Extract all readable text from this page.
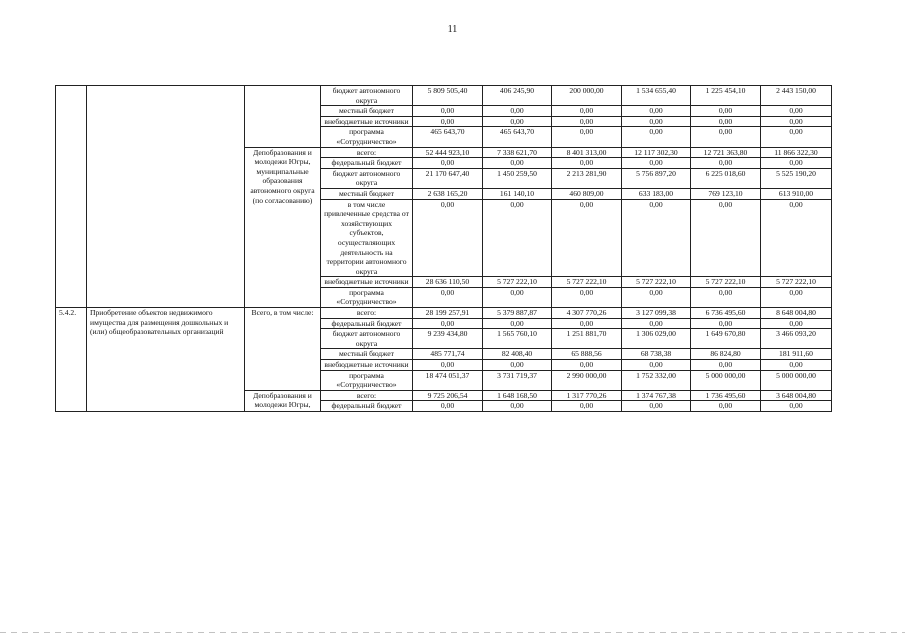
11
			бюджет автономного округа	5 809 505,40	406 245,90	200 000,00	1 534 655,40	1 225 454,10	2 443 150,00
			местный бюджет	0,00	0,00	0,00	0,00	0,00	0,00
			внебюджетные источники	0,00	0,00	0,00	0,00	0,00	0,00
			программа «Сотрудничество»	465 643,70	465 643,70	0,00	0,00	0,00	0,00
		Депобразования и молодежи Югры, муниципальные образования автономного округа (по согласованию)	всего:	52 444 923,10	7 338 621,70	8 401 313,00	12 117 302,30	12 721 363,80	11 866 322,30
			федеральный бюджет	0,00	0,00	0,00	0,00	0,00	0,00
			бюджет автономного округа	21 170 647,40	1 450 259,50	2 213 281,90	5 756 897,20	6 225 018,60	5 525 190,20
			местный бюджет	2 638 165,20	161 140,10	460 809,00	633 183,00	769 123,10	613 910,00
			в том числе привлеченные средства от хозяйствующих субъектов, осуществляющих деятельность на территории автономного округа	0,00	0,00	0,00	0,00	0,00	0,00
			внебюджетные источники	28 636 110,50	5 727 222,10	5 727 222,10	5 727 222,10	5 727 222,10	5 727 222,10
			программа «Сотрудничество»	0,00	0,00	0,00	0,00	0,00	0,00
5.4.2.	Приобретение объектов недвижимого имущества для размещения дошкольных и (или) общеобразовательных организаций	Всего, в том числе:	всего:	28 199 257,91	5 379 887,87	4 307 770,26	3 127 099,38	6 736 495,60	8 648 004,80
			федеральный бюджет	0,00	0,00	0,00	0,00	0,00	0,00
			бюджет автономного округа	9 239 434,80	1 565 760,10	1 251 881,70	1 306 029,00	1 649 670,80	3 466 093,20
			местный бюджет	485 771,74	82 408,40	65 888,56	68 738,38	86 824,80	181 911,60
			внебюджетные источники	0,00	0,00	0,00	0,00	0,00	0,00
			программа «Сотрудничество»	18 474 051,37	3 731 719,37	2 990 000,00	1 752 332,00	5 000 000,00	5 000 000,00
		Депобразования и молодежи Югры,	всего:	9 725 206,54	1 648 168,50	1 317 770,26	1 374 767,38	1 736 495,60	3 648 004,80
			федеральный бюджет	0,00	0,00	0,00	0,00	0,00	0,00
